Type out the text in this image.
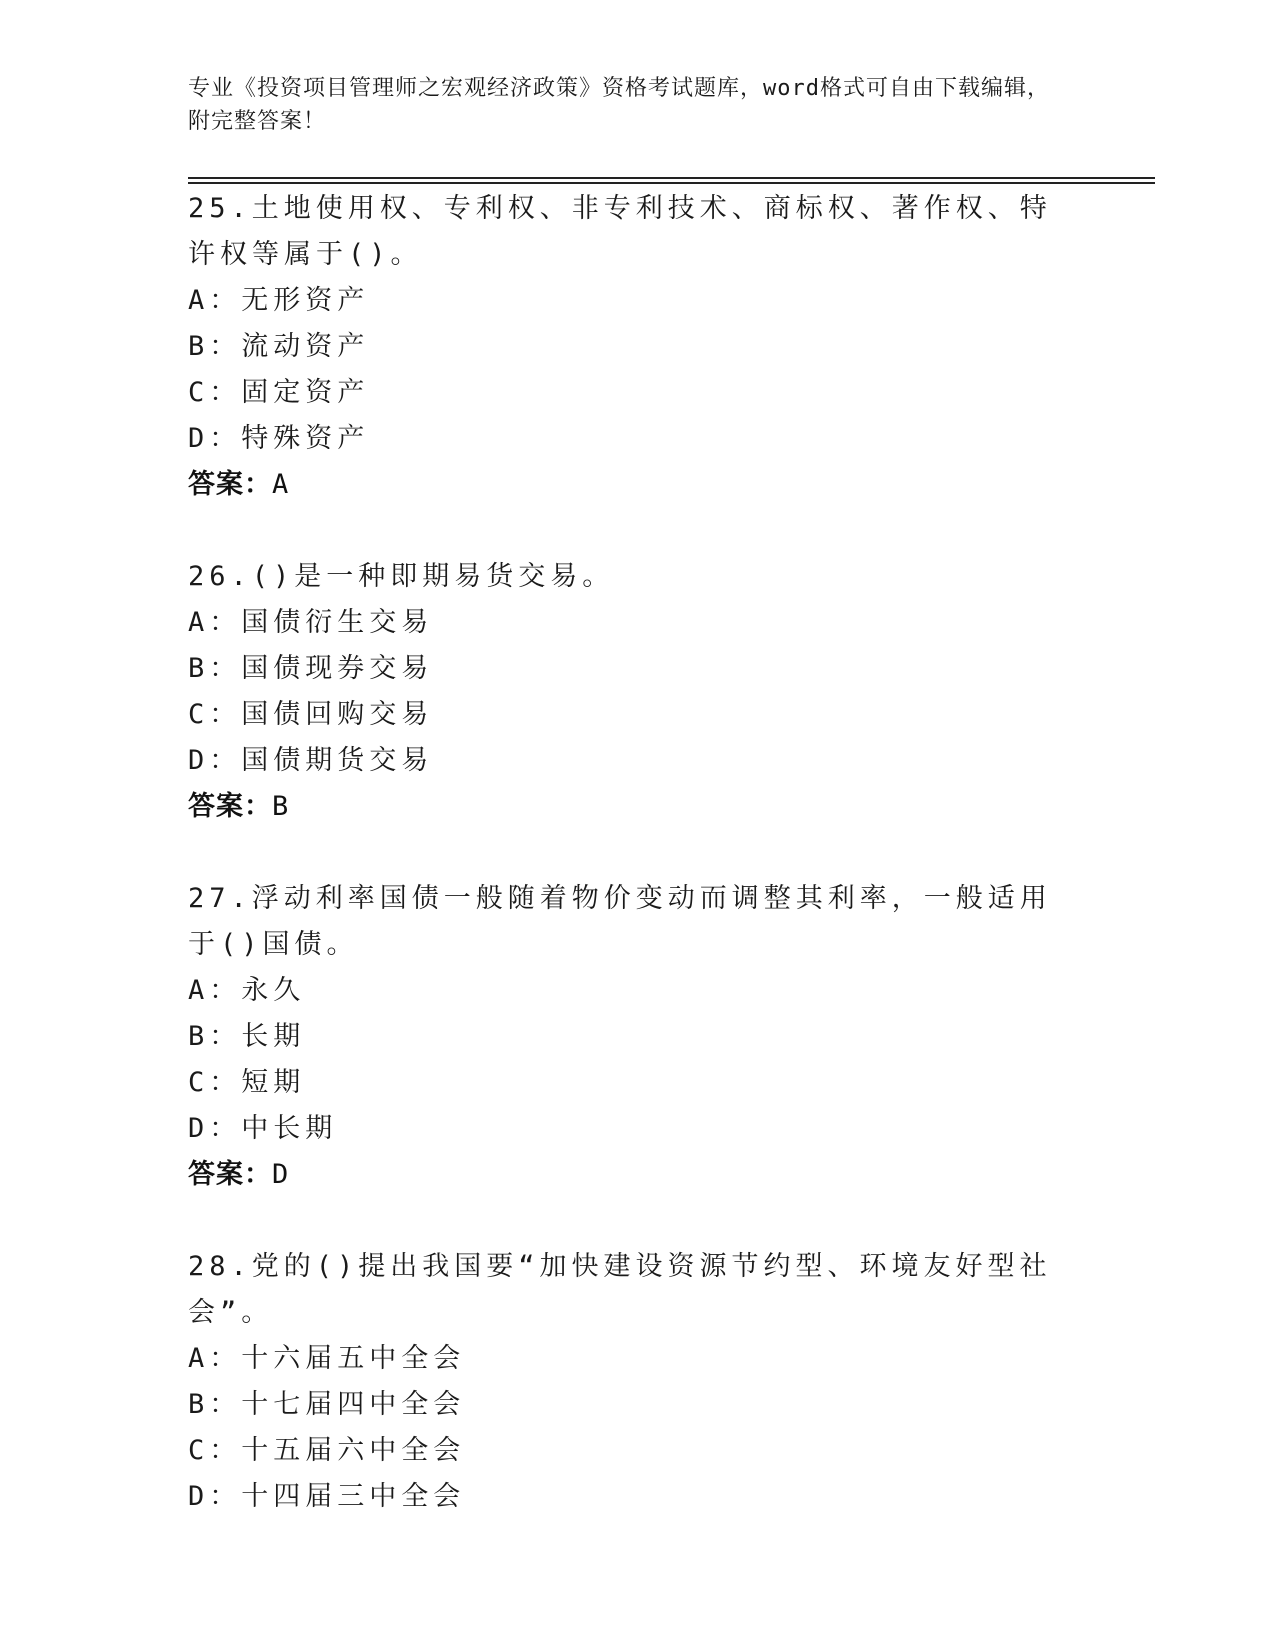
专业《投资项目管理师之宏观经济政策》资格考试题库，word格式可自由下载编辑，附完整答案！
25.土地使用权、专利权、非专利技术、商标权、著作权、特许权等属于()。
A：无形资产
B：流动资产
C：固定资产
D：特殊资产
答案：A
26.()是一种即期易货交易。
A：国债衍生交易
B：国债现券交易
C：国债回购交易
D：国债期货交易
答案：B
27.浮动利率国债一般随着物价变动而调整其利率，一般适用于()国债。
A：永久
B：长期
C：短期
D：中长期
答案：D
28.党的()提出我国要“加快建设资源节约型、环境友好型社会”。
A：十六届五中全会
B：十七届四中全会
C：十五届六中全会
D：十四届三中全会
